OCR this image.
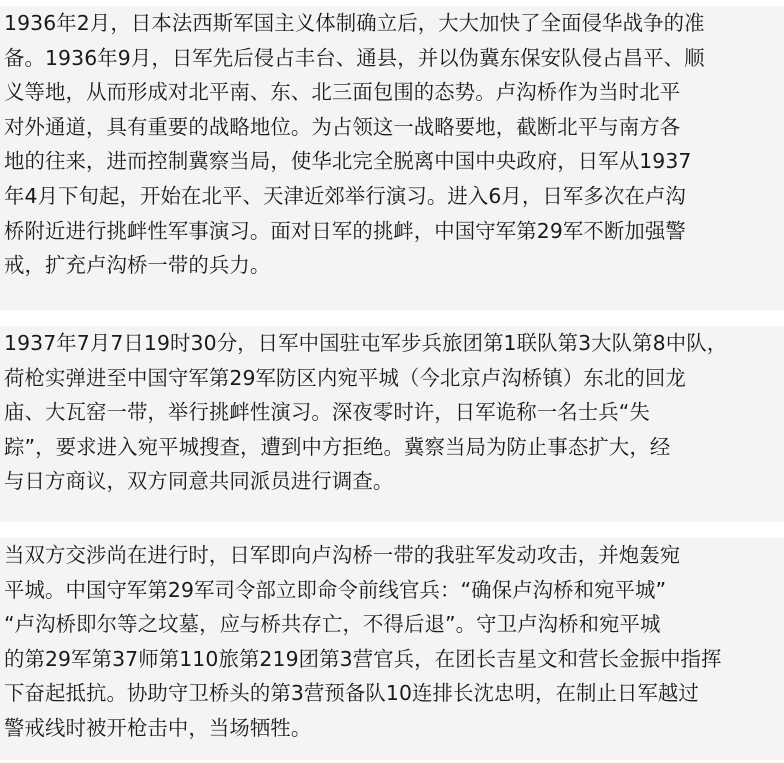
1936年2月，日本法西斯军国主义体制确立后，大大加快了全面侵华战争的准
备。1936年9月，日军先后侵占丰台、通县，并以伪冀东保安队侵占昌平、顺
义等地，从而形成对北平南、东、北三面包围的态势。卢沟桥作为当时北平
对外通道，具有重要的战略地位。为占领这一战略要地，截断北平与南方各
地的往来，进而控制冀察当局，使华北完全脱离中国中央政府，日军从1937
年4月下旬起，开始在北平、天津近郊举行演习。进入6月，日军多次在卢沟
桥附近进行挑衅性军事演习。面对日军的挑衅，中国守军第29军不断加强警
戒，扩充卢沟桥一带的兵力。
1937年7月7日19时30分，日军中国驻屯军步兵旅团第1联队第3大队第8中队，
荷枪实弹进至中国守军第29军防区内宛平城（今北京卢沟桥镇）东北的回龙
庙、大瓦窑一带，举行挑衅性演习。深夜零时许，日军诡称一名士兵“失
踪”，要求进入宛平城搜查，遭到中方拒绝。冀察当局为防止事态扩大，经
与日方商议，双方同意共同派员进行调查。
当双方交涉尚在进行时，日军即向卢沟桥一带的我驻军发动攻击，并炮轰宛
平城。中国守军第29军司令部立即命令前线官兵：“确保卢沟桥和宛平城”
“卢沟桥即尔等之坟墓，应与桥共存亡，不得后退”。守卫卢沟桥和宛平城
的第29军第37师第110旅第219团第3营官兵，在团长吉星文和营长金振中指挥
下奋起抵抗。协助守卫桥头的第3营预备队10连排长沈忠明，在制止日军越过
警戒线时被开枪击中，当场牺牲。
